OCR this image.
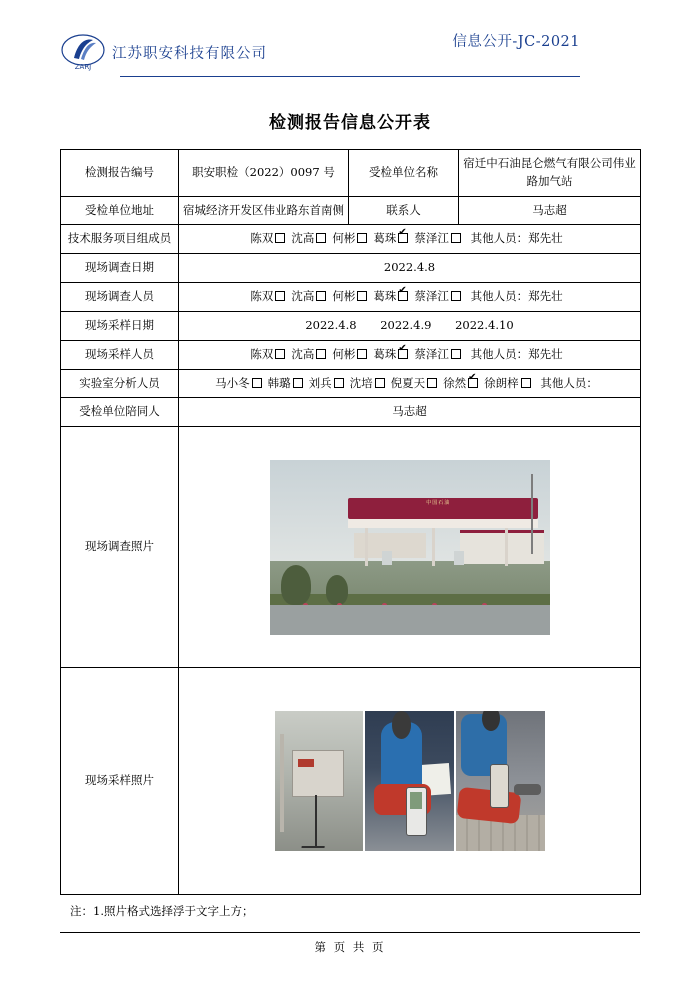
ZARJ
江苏职安科技有限公司
信息公开-JC-2021
检测报告信息公开表
检测报告编号	职安职检（2022）0097 号	受检单位名称	宿迁中石油昆仑燃气有限公司伟业路加气站
受检单位地址	宿城经济开发区伟业路东首南侧	联系人	马志超
技术服务项目组成员	陈双 沈高 何彬 葛珠 ✔ 蔡泽江 其他人员：郑先壮
现场调查日期	2022.4.8		
现场调查人员	陈双 沈高 何彬 葛珠 ✔ 蔡泽江 其他人员：郑先壮
现场采样日期	2022.4.8 2022.4.9 2022.4.10		
现场采样人员	陈双 沈高 何彬 葛珠 ✔ 蔡泽江 其他人员：郑先壮
实验室分析人员	马小冬 韩璐 刘兵 沈培 倪夏天 徐然 ✔ 徐朗梓 其他人员：
受检单位陪同人	马志超		
现场调查照片	中国石油		

现场采样照片			
注：1.照片格式选择浮于文字上方；
第 页 共 页
